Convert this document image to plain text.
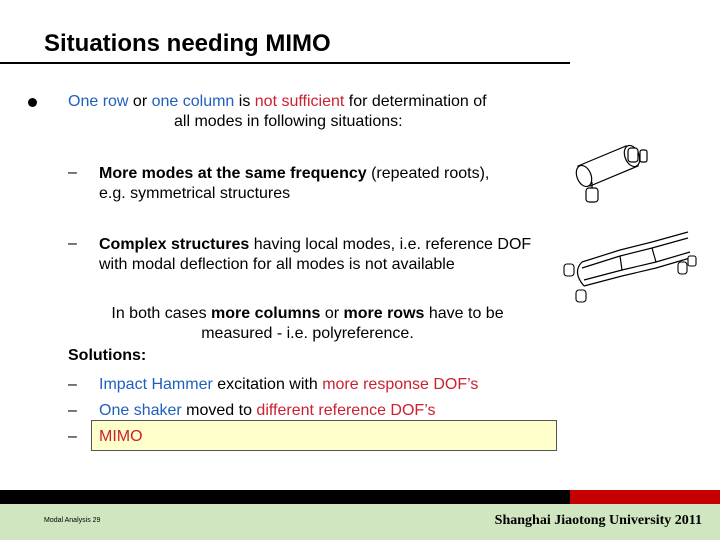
Situations needing MIMO
One row or one column is not sufficient for determination of
all modes in following situations:
– More modes at the same frequency (repeated roots),
e.g. symmetrical structures
– Complex structures having local modes, i.e. reference DOF with modal deflection for all modes is not available
In both cases more columns or more rows have to be
measured - i.e. polyreference.
Solutions:
– Impact Hammer excitation with more response DOF’s
– One shaker moved to different reference DOF’s
– MIMO
Modal Analysis 29	Shanghai Jiaotong University 2011
